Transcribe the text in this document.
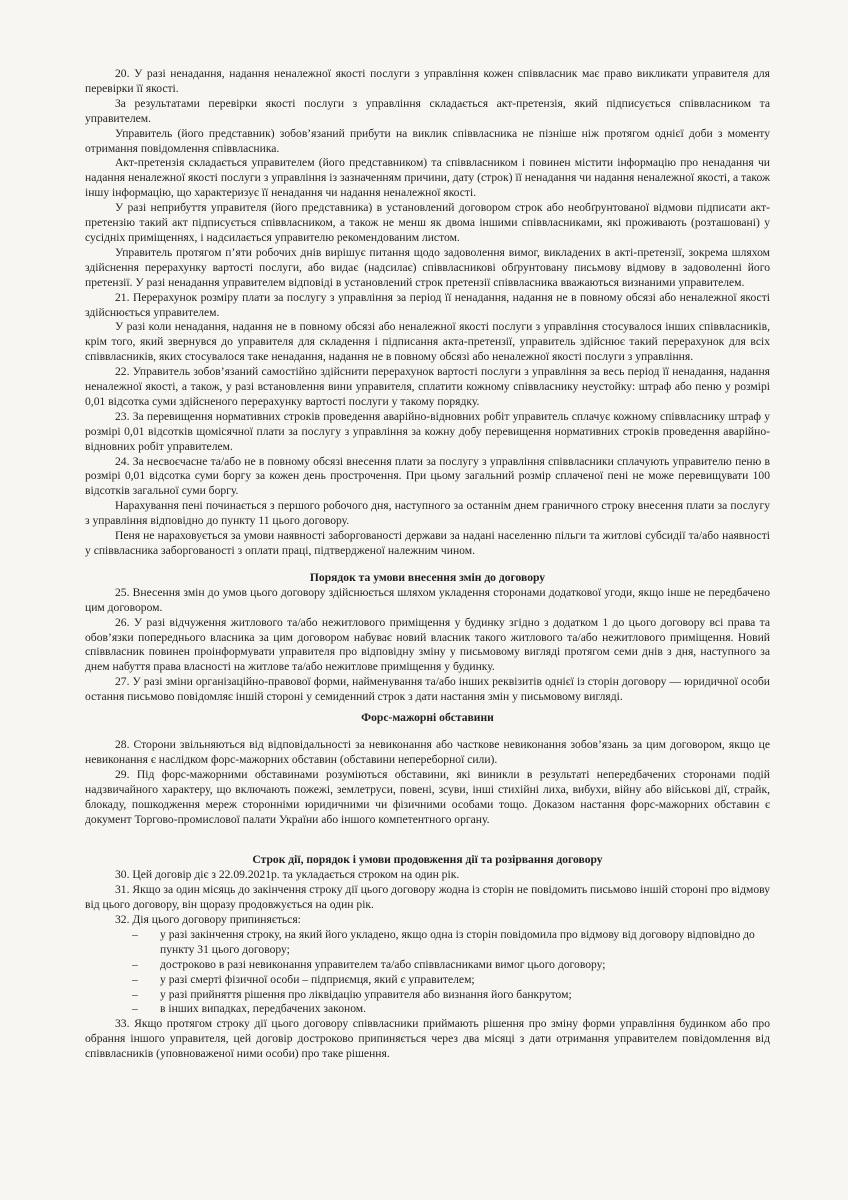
20. У разі ненадання, надання неналежної якості послуги з управління кожен співвласник має право викликати управителя для перевірки її якості.

За результатами перевірки якості послуги з управління складається акт-претензія, який підписується співвласником та управителем.

Управитель (його представник) зобов’язаний прибути на виклик співвласника не пізніше ніж протягом однієї доби з моменту отримання повідомлення співвласника.

Акт-претензія складається управителем (його представником) та співвласником і повинен містити інформацію про ненадання чи надання неналежної якості послуги з управління із зазначенням причини, дату (строк) її ненадання чи надання неналежної якості, а також іншу інформацію, що характеризує її ненадання чи надання неналежної якості.

У разі неприбуття управителя (його представника) в установлений договором строк або необґрунтованої відмови підписати акт-претензію такий акт підписується співвласником, а також не менш як двома іншими співвласниками, які проживають (розташовані) у сусідніх приміщеннях, і надсилається управителю рекомендованим листом.

Управитель протягом п’яти робочих днів вирішує питання щодо задоволення вимог, викладених в акті-претензії, зокрема шляхом здійснення перерахунку вартості послуги, або видає (надсилає) співвласникові обґрунтовану письмову відмову в задоволенні його претензії. У разі ненадання управителем відповіді в установлений строк претензії співвласника вважаються визнаними управителем.

21. Перерахунок розміру плати за послугу з управління за період її ненадання, надання не в повному обсязі або неналежної якості здійснюється управителем.

У разі коли ненадання, надання не в повному обсязі або неналежної якості послуги з управління стосувалося інших співвласників, крім того, який звернувся до управителя для складення і підписання акта-претензії, управитель здійснює такий перерахунок для всіх співвласників, яких стосувалося таке ненадання, надання не в повному обсязі або неналежної якості послуги з управління.

22. Управитель зобов’язаний самостійно здійснити перерахунок вартості послуги з управління за весь період її ненадання, надання неналежної якості, а також, у разі встановлення вини управителя, сплатити кожному співвласнику неустойку: штраф або пеню у розмірі 0,01 відсотка суми здійсненого перерахунку вартості послуги у такому порядку.

23. За перевищення нормативних строків проведення аварійно-відновних робіт управитель сплачує кожному співвласнику штраф у розмірі 0,01 відсотків щомісячної плати за послугу з управління за кожну добу перевищення нормативних строків проведення аварійно-відновних робіт управителем.

24. За несвоєчасне та/або не в повному обсязі внесення плати за послугу з управління співвласники сплачують управителю пеню в розмірі 0,01 відсотка суми боргу за кожен день прострочення. При цьому загальний розмір сплаченої пені не може перевищувати 100 відсотків загальної суми боргу.

Нарахування пені починається з першого робочого дня, наступного за останнім днем граничного строку внесення плати за послугу з управління відповідно до пункту 11 цього договору.

Пеня не нараховується за умови наявності заборгованості держави за надані населенню пільги та житлові субсидії та/або наявності у співвласника заборгованості з оплати праці, підтвердженої належним чином.

Порядок та умови внесення змін до договору

25. Внесення змін до умов цього договору здійснюється шляхом укладення сторонами додаткової угоди, якщо інше не передбачено цим договором.

26. У разі відчуження житлового та/або нежитлового приміщення у будинку згідно з додатком 1 до цього договору всі права та обов’язки попереднього власника за цим договором набуває новий власник такого житлового та/або нежитлового приміщення. Новий співвласник повинен проінформувати управителя про відповідну зміну у письмовому вигляді протягом семи днів з дня, наступного за днем набуття права власності на житлове та/або нежитлове приміщення у будинку.

27. У разі зміни організаційно-правової форми, найменування та/або інших реквізитів однієї із сторін договору — юридичної особи остання письмово повідомляє іншій стороні у семиденний строк з дати настання змін у письмовому вигляді.

Форс-мажорні обставини

28. Сторони звільняються від відповідальності за невиконання або часткове невиконання зобов’язань за цим договором, якщо це невиконання є наслідком форс-мажорних обставин (обставини непереборної сили).

29. Під форс-мажорними обставинами розуміються обставини, які виникли в результаті непередбачених сторонами подій надзвичайного характеру, що включають пожежі, землетруси, повені, зсуви, інші стихійні лиха, вибухи, війну або військові дії, страйк, блокаду, пошкодження мереж сторонніми юридичними чи фізичними особами тощо. Доказом настання форс-мажорних обставин є документ Торгово-промислової палати України або іншого компетентного органу.

Строк дії, порядок і умови продовження дії та розірвання договору

30. Цей договір діє з 22.09.2021р. та укладається строком на один рік.

31. Якщо за один місяць до закінчення строку дії цього договору жодна із сторін не повідомить письмово іншій стороні про відмову від цього договору, він щоразу продовжується на один рік.

32. Дія цього договору припиняється:

– у разі закінчення строку, на який його укладено, якщо одна із сторін повідомила про відмову від договору відповідно до пункту 31 цього договору;
– достроково в разі невиконання управителем та/або співвласниками вимог цього договору;
– у разі смерті фізичної особи – підприємця, який є управителем;
– у разі прийняття рішення про ліквідацію управителя або визнання його банкрутом;
– в інших випадках, передбачених законом.

33. Якщо протягом строку дії цього договору співвласники приймають рішення про зміну форми управління будинком або про обрання іншого управителя, цей договір достроково припиняється через два місяці з дати отримання управителем повідомлення від співвласників (уповноваженої ними особи) про таке рішення.
